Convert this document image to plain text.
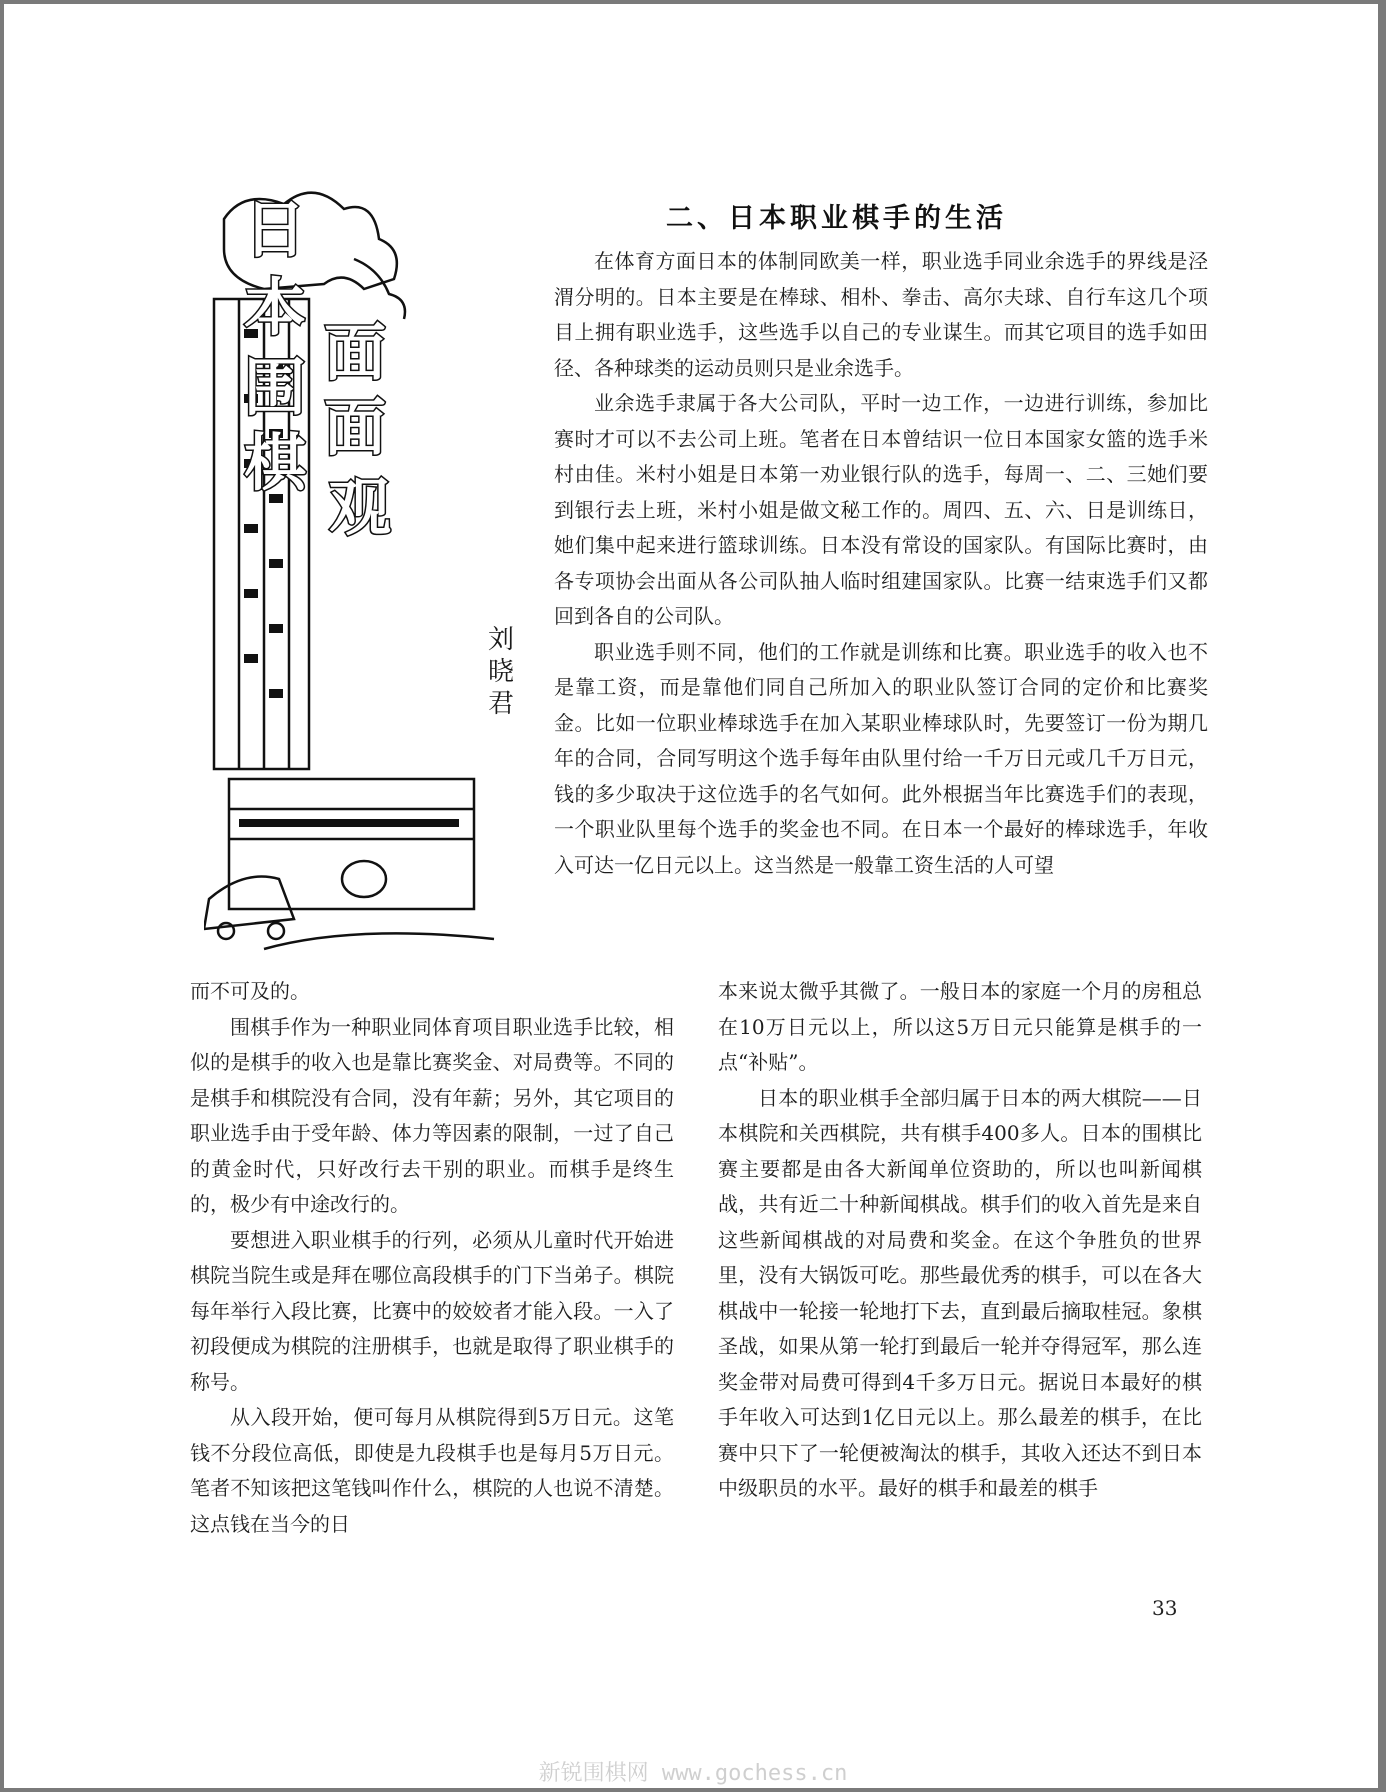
日
本
围
棋
面
面
观
刘晓君
二、日本职业棋手的生活

在体育方面日本的体制同欧美一样，职业选手同业余选手的界线是泾渭分明的。日本主要是在棒球、相朴、拳击、高尔夫球、自行车这几个项目上拥有职业选手，这些选手以自己的专业谋生。而其它项目的选手如田径、各种球类的运动员则只是业余选手。

业余选手隶属于各大公司队，平时一边工作，一边进行训练，参加比赛时才可以不去公司上班。笔者在日本曾结识一位日本国家女篮的选手米村由佳。米村小姐是日本第一劝业银行队的选手，每周一、二、三她们要到银行去上班，米村小姐是做文秘工作的。周四、五、六、日是训练日，她们集中起来进行篮球训练。日本没有常设的国家队。有国际比赛时，由各专项协会出面从各公司队抽人临时组建国家队。比赛一结束选手们又都回到各自的公司队。

职业选手则不同，他们的工作就是训练和比赛。职业选手的收入也不是靠工资，而是靠他们同自己所加入的职业队签订合同的定价和比赛奖金。比如一位职业棒球选手在加入某职业棒球队时，先要签订一份为期几年的合同，合同写明这个选手每年由队里付给一千万日元或几千万日元，钱的多少取决于这位选手的名气如何。此外根据当年比赛选手们的表现，一个职业队里每个选手的奖金也不同。在日本一个最好的棒球选手，年收入可达一亿日元以上。这当然是一般靠工资生活的人可望

而不可及的。

围棋手作为一种职业同体育项目职业选手比较，相似的是棋手的收入也是靠比赛奖金、对局费等。不同的是棋手和棋院没有合同，没有年薪；另外，其它项目的职业选手由于受年龄、体力等因素的限制，一过了自己的黄金时代，只好改行去干别的职业。而棋手是终生的，极少有中途改行的。

要想进入职业棋手的行列，必须从儿童时代开始进棋院当院生或是拜在哪位高段棋手的门下当弟子。棋院每年举行入段比赛，比赛中的姣姣者才能入段。一入了初段便成为棋院的注册棋手，也就是取得了职业棋手的称号。

从入段开始，便可每月从棋院得到5万日元。这笔钱不分段位高低，即使是九段棋手也是每月5万日元。笔者不知该把这笔钱叫作什么，棋院的人也说不清楚。这点钱在当今的日

本来说太微乎其微了。一般日本的家庭一个月的房租总在10万日元以上，所以这5万日元只能算是棋手的一点“补贴”。

日本的职业棋手全部归属于日本的两大棋院——日本棋院和关西棋院，共有棋手400多人。日本的围棋比赛主要都是由各大新闻单位资助的，所以也叫新闻棋战，共有近二十种新闻棋战。棋手们的收入首先是来自这些新闻棋战的对局费和奖金。在这个争胜负的世界里，没有大锅饭可吃。那些最优秀的棋手，可以在各大棋战中一轮接一轮地打下去，直到最后摘取桂冠。象棋圣战，如果从第一轮打到最后一轮并夺得冠军，那么连奖金带对局费可得到4千多万日元。据说日本最好的棋手年收入可达到1亿日元以上。那么最差的棋手，在比赛中只下了一轮便被淘汰的棋手，其收入还达不到日本中级职员的水平。最好的棋手和最差的棋手

33
新锐围棋网 www.gochess.cn
